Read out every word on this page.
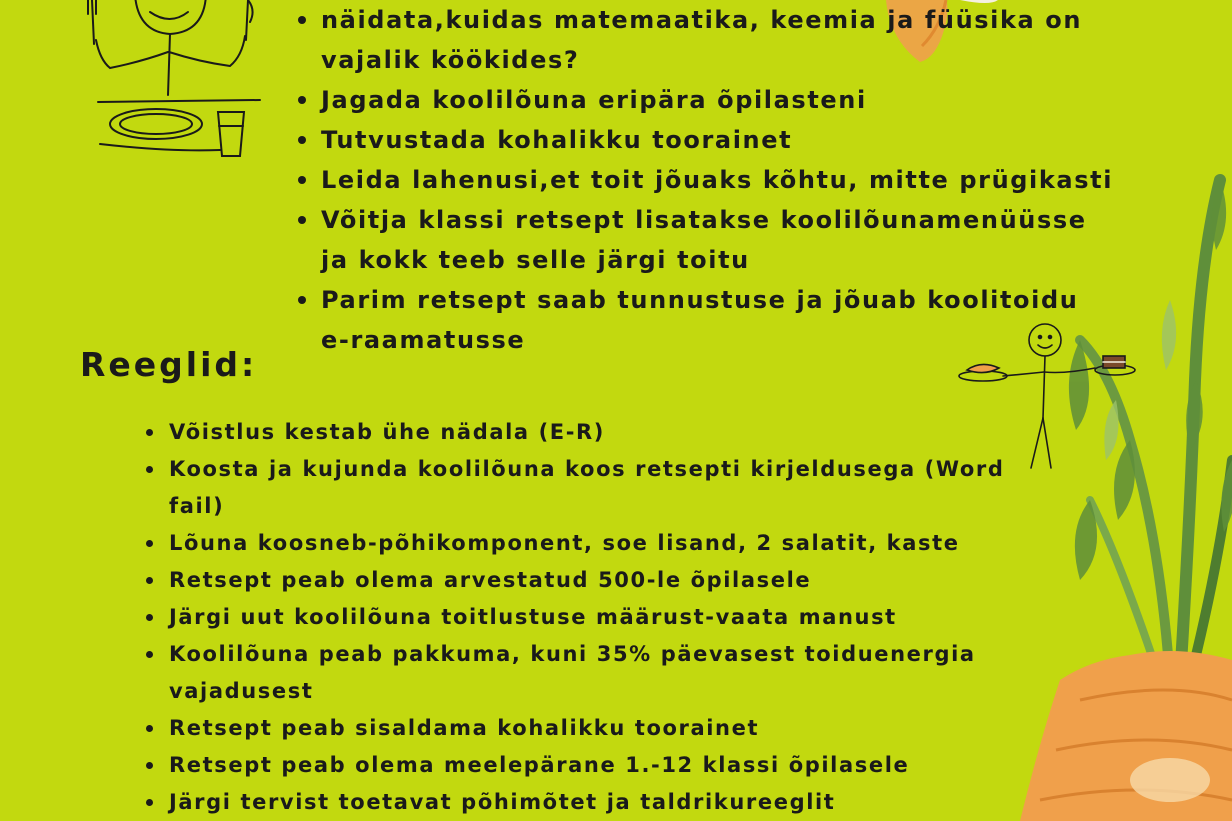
näidata,kuidas matemaatika, keemia ja füüsika on vajalik köökides?
Jagada koolilõuna eripära õpilasteni
Tutvustada kohalikku toorainet
Leida lahenusi,et toit jõuaks kõhtu, mitte prügikasti
Võitja klassi retsept lisatakse koolilõunamenüüsse ja kokk teeb selle järgi toitu
Parim retsept saab tunnustuse ja jõuab koolitoidu e-raamatusse
Reeglid:
Võistlus kestab ühe nädala (E-R)
Koosta ja kujunda koolilõuna koos retsepti kirjeldusega (Word fail)
Lõuna koosneb-põhikomponent, soe lisand, 2 salatit, kaste
Retsept peab olema arvestatud 500-le õpilasele
Järgi uut koolilõuna toitlustuse määrust-vaata manust
Koolilõuna peab pakkuma, kuni 35% päevasest toiduenergia vajadusest
Retsept peab sisaldama kohalikku toorainet
Retsept peab olema meelepärane 1.-12 klassi õpilasele
Järgi tervist toetavat põhimõtet ja taldrikureeglit
